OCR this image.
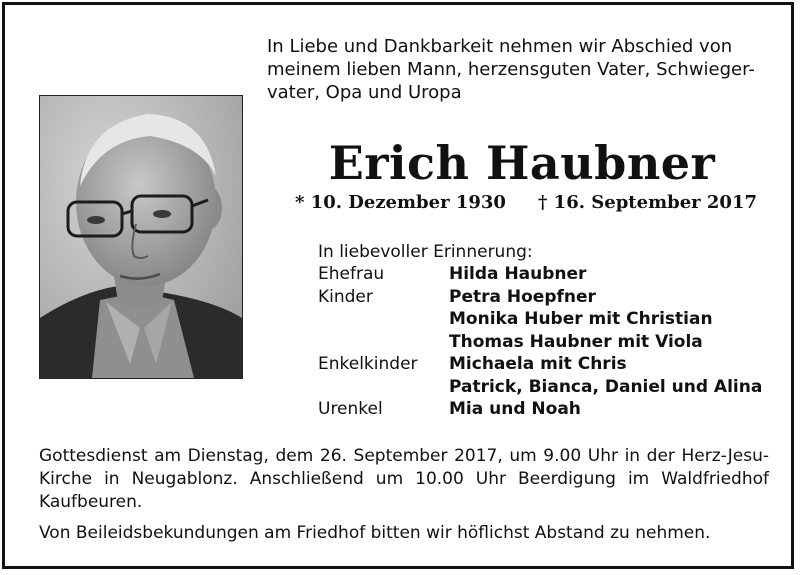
In Liebe und Dankbarkeit nehmen wir Abschied von
meinem lieben Mann, herzensguten Vater, Schwieger-
vater, Opa und Uropa
Erich Haubner
* 10. Dezember 1930 † 16. September 2017
In liebevoller Erinnerung:
Ehefrau	Hilda Haubner
Kinder	Petra Hoepfner
Monika Huber mit Christian
Thomas Haubner mit Viola
Enkelkinder Michaela mit Chris
Patrick, Bianca, Daniel und Alina
Urenkel	Mia und Noah

Gottesdienst am Dienstag, dem 26. September 2017, um 9.00 Uhr in der Herz-Jesu-Kirche in Neugablonz. Anschließend um 10.00 Uhr Beerdigung im Waldfriedhof Kaufbeuren.

Von Beileidsbekundungen am Friedhof bitten wir höflichst Abstand zu nehmen.
